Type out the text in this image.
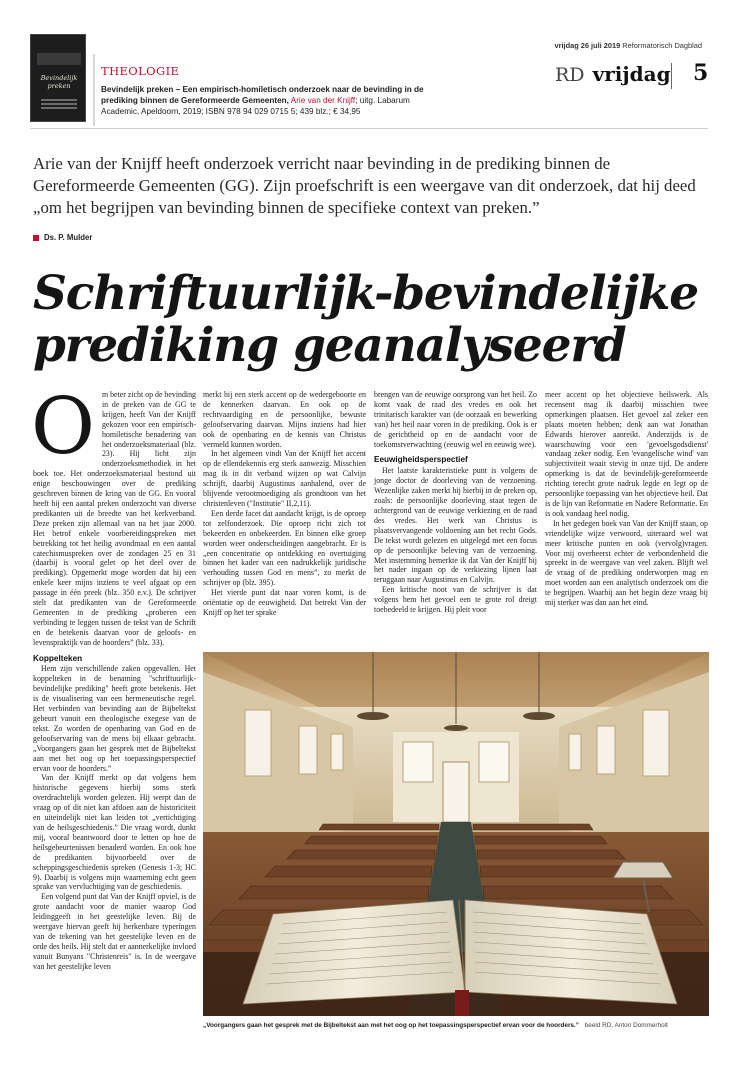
Bevindelijk preken
THEOLOGIE
Bevindelijk preken – Een empirisch-homiletisch onderzoek naar de bevinding in de prediking binnen de Gereformeerde Gemeenten, Arie van der Knijff; uitg. Labarum Academic, Apeldoorn, 2019; ISBN 978 94 029 0715 5; 439 blz.; € 34,95
vrijdag 26 juli 2019 Reformatorisch Dagblad
RD vrijdag 5
Arie van der Knijff heeft onderzoek verricht naar bevinding in de prediking binnen de Gereformeerde Gemeenten (GG). Zijn proefschrift is een weergave van dit onderzoek, dat hij deed „om het begrijpen van bevinding binnen de specifieke context van preken.”
Ds. P. Mulder
Schriftuurlijk-bevindelijke prediking geanalyseerd
O m beter zicht op de bevinding in de preken van de GG te krijgen, heeft Van der Knijff gekozen voor een empirisch-homiletische benadering van het onderzoeksmateriaal (blz. 23). Hij licht zijn onderzoeksmethodiek in het boek toe. Het onderzoeksmateriaal bestond uit enige beschouwingen over de prediking geschreven binnen de kring van de GG. En vooral heeft hij een aantal preken onderzocht van diverse predikanten uit de breedte van het kerkverband. Deze preken zijn allemaal van na het jaar 2000. Het betrof enkele voorbereidingspreken met betrekking tot het heilig avondmaal en een aantal catechismuspreken over de zondagen 25 en 31 (daarbij is vooral gelet op het deel over de prediking). Opgemerkt moge worden dat hij een enkele keer mijns inziens te veel afgaat op een passage in één preek (blz. 350 e.v.). De schrijver stelt dat predikanten van de Gereformeerde Gemeenten in de prediking „proberen een verbinding te leggen tussen de tekst van de Schrift en de betekenis daarvan voor de geloofs- en levenspraktijk van de hoorders” (blz. 33).

Koppelteken

Hem zijn verschillende zaken opgevallen. Het koppelteken in de benaming "schriftuurlijk-bevindelijke prediking" heeft grote betekenis. Het is de visualisering van een hermeneutische regel. Het verbinden van bevinding aan de Bijbeltekst gebeurt vanuit een theologische exegese van de tekst. Zo worden de openbaring van God en de geloofservaring van de mens bij elkaar gebracht. „Voorgangers gaan het gesprek met de Bijbeltekst aan met het oog op het toepassingsperspectief ervan voor de hoorders.”

Van der Knijff merkt op dat volgens hem historische gegevens hierbij soms sterk overdrachtelijk worden gelezen. Hij werpt dan de vraag op of dit niet kan afdoen aan de historiciteit en uiteindelijk niet kan leiden tot „vertichtiging van de heilsgeschiedenis.” Die vraag wordt, dunkt mij, vooral beantwoord door te letten op hoe de heilsgebeurtenissen benaderd worden. En ook hoe de predikanten bijvoorbeeld over de scheppingsgeschiedenis spreken (Genesis 1-3; HC 9). Daarbij is volgens mijn waarneming echt geen sprake van vervluchtiging van de geschiedenis.

Een volgend punt dat Van der Knijff opviel, is de grote aandacht voor de manier waarop God leidinggeeft in het geestelijke leven. Bij de weergave hiervan geeft hij herkenbare typeringen van de tekening van het geestelijke leven en de orde des heils. Hij stelt dat er aannerkelijke invloed vanuit Bunyans "Christenreis" is. In de weergave van het geestelijke leven

merkt hij een sterk accent op de wedergeboorte en de kennerken daarvan. En ook op de rechtvaardiging en de persoonlijke, bewuste geloofservaring daarvan. Mijns inziens had hier ook de openbaring en de kennis van Christus vermeld kunnen worden.

In het algemeen vindt Van der Knijff het accent op de ellendekennis erg sterk aanwezig. Misschien mag ik in dit verband wijzen op wat Calvijn schrijft, daarbij Augustinus aanhalend, over de blijvende verootmoediging als grondtoon van het christenleven ("Institutie" II,2,11).

Een derde facet dat aandacht krijgt, is de oproep tot zelfonderzoek. Die oproep richt zich tot bekeerden en onbekeerden. En binnen elke groep worden weer onderscheidingen aangebracht. Er is „een concentratie op ontdekking en overtuiging binnen het kader van een nadrukkelijk juridische verhouding tussen God en mens”, zo merkt de schrijver op (blz. 395).

Het vierde punt dat naar voren komt, is de oriëntatie op de eeuwigheid. Dat betrekt Van der Knijff op het ter sprake

brengen van de eeuwige oorsprong van het heil. Zo komt vaak de raad des vredes en ook het trinitarisch karakter van (de oorzaak en bewerking van) het heil naar voren in de prediking. Ook is er de gerichtheid op en de aandacht voor de toekomstverwachting (eeuwig wel en eeuwig wee).

Eeuwigheidsperspectief

Het laatste karakteristieke punt is volgens de jonge doctor de doorleving van de verzoening. Wezenlijke zaken merkt hij hierbij in de preken op, zoals: de persoonlijke doorleving staat tegen de achtergrond van de eeuwige verkiezing en de raad des vredes. Het werk van Christus is plaatsvervangende voldoening aan het recht Gods. De tekst wordt gelezen en uitgelegd met een focus op de persoonlijke beleving van de verzoening. Met instemming bemerkte ik dat Van der Knijff bij het nader ingaan op de verkiezing lijnen laat teruggaan naar Augustinus en Calvijn.

Een kritische noot van de schrijver is dat volgens hem het gevoel een te grote rol dreigt toebedeeld te krijgen. Hij pleit voor

meer accent op het objectieve heilswerk. Als recensent mag ik daarbij misschien twee opmerkingen plaatsen. Het gevoel zal zeker een plaats moeten hebben; denk aan wat Jonathan Edwards hierover aanreikt. Anderzijds is de waarschuwing voor een 'gevoelsgodsdienst' vandaag zeker nodig. Een 'evangelische wind' van subjectiviteit waait stevig in onze tijd. De andere opmerking is dat de bevindelijk-gereformeerde richting terecht grote nadruk legde en legt op de persoonlijke toepassing van het objectieve heil. Dat is de lijn van Reformatie en Nadere Reformatie. En is ook vandaag heel nodig.

In het gedegen boek van Van der Knijff staan, op vriendelijke wijze verwoord, uiteraard wel wat meer kritische punten en ook (vervolg)vragen. Voor mij overheerst echter de verbondenheid die spreekt in de weergave van veel zaken. Blijft wel de vraag of de prediking onderworpen mag en moet worden aan een analytisch onderzoek om die te begrijpen. Waarbij aan het begin deze vraag bij mij sterker was dan aan het eind.

„Voorgangers gaan het gesprek met de Bijbeltekst aan met het oog op het toepassingsperspectief ervan voor de hoorders.” beeld RD, Anton Dommerholt
